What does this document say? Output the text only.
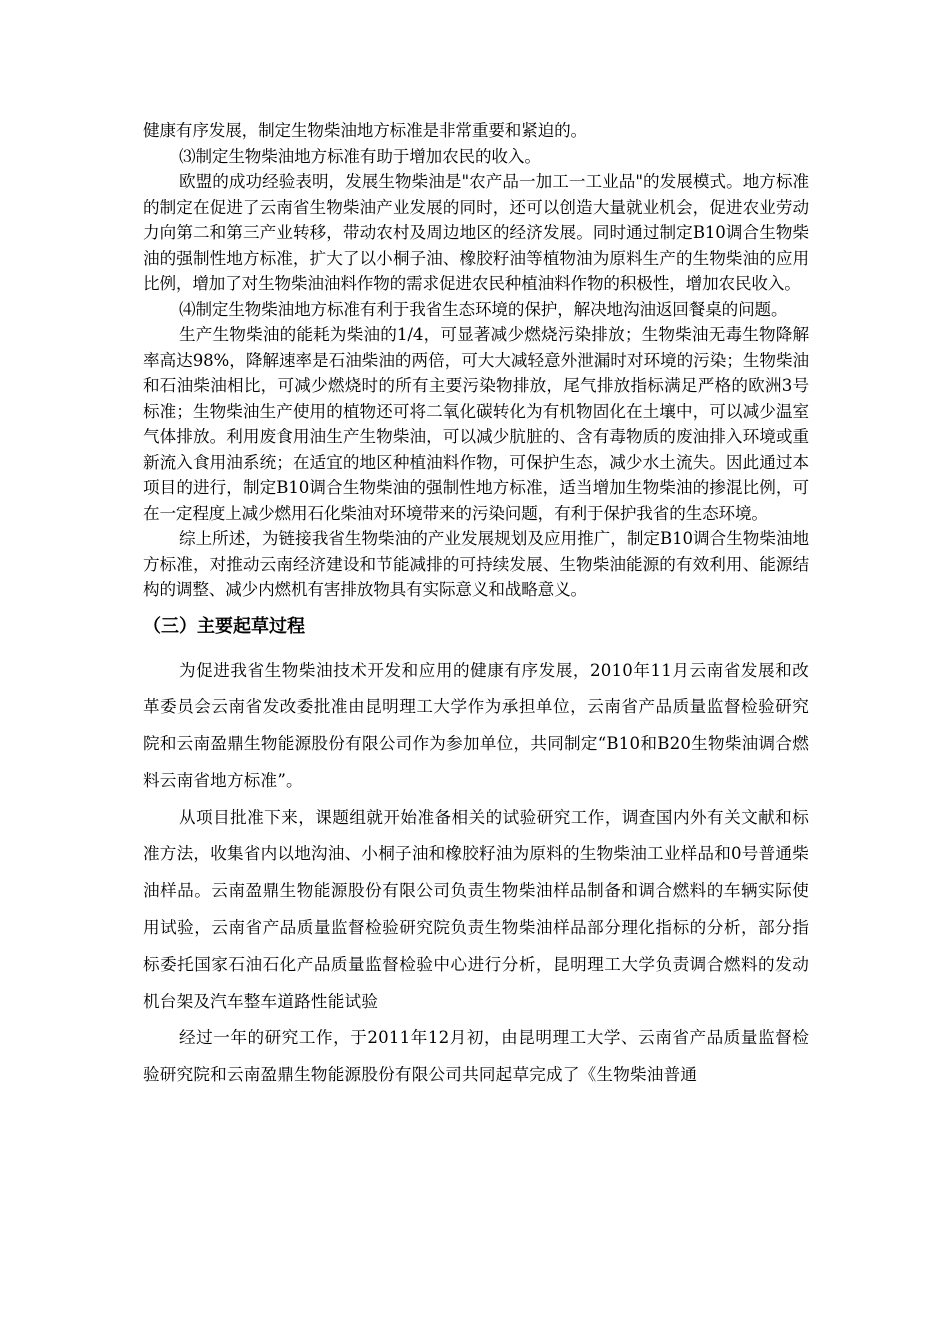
健康有序发展，制定生物柴油地方标准是非常重要和紧迫的。

⑶制定生物柴油地方标准有助于增加农民的收入。

欧盟的成功经验表明，发展生物柴油是"农产品一加工一工业品"的发展模式。地方标准的制定在促进了云南省生物柴油产业发展的同时，还可以创造大量就业机会，促进农业劳动力向第二和第三产业转移，带动农村及周边地区的经济发展。同时通过制定B10调合生物柴油的强制性地方标准，扩大了以小桐子油、橡胶籽油等植物油为原料生产的生物柴油的应用比例，增加了对生物柴油油料作物的需求促进农民种植油料作物的积极性，增加农民收入。

⑷制定生物柴油地方标准有利于我省生态环境的保护，解决地沟油返回餐桌的问题。

生产生物柴油的能耗为柴油的1/4，可显著减少燃烧污染排放；生物柴油无毒生物降解率高达98%，降解速率是石油柴油的两倍，可大大减轻意外泄漏时对环境的污染；生物柴油和石油柴油相比，可减少燃烧时的所有主要污染物排放，尾气排放指标满足严格的欧洲3号标准；生物柴油生产使用的植物还可将二氧化碳转化为有机物固化在土壤中，可以减少温室气体排放。利用废食用油生产生物柴油，可以减少肮脏的、含有毒物质的废油排入环境或重新流入食用油系统；在适宜的地区种植油料作物，可保护生态，减少水土流失。因此通过本项目的进行，制定B10调合生物柴油的强制性地方标准，适当增加生物柴油的掺混比例，可在一定程度上减少燃用石化柴油对环境带来的污染问题，有利于保护我省的生态环境。

综上所述，为链接我省生物柴油的产业发展规划及应用推广，制定B10调合生物柴油地方标准，对推动云南经济建设和节能减排的可持续发展、生物柴油能源的有效利用、能源结构的调整、减少内燃机有害排放物具有实际意义和战略意义。

（三）主要起草过程

为促进我省生物柴油技术开发和应用的健康有序发展，2010年11月云南省发展和改革委员会云南省发改委批准由昆明理工大学作为承担单位，云南省产品质量监督检验研究院和云南盈鼎生物能源股份有限公司作为参加单位，共同制定“B10和B20生物柴油调合燃料云南省地方标准”。

从项目批准下来，课题组就开始准备相关的试验研究工作，调查国内外有关文献和标准方法，收集省内以地沟油、小桐子油和橡胶籽油为原料的生物柴油工业样品和0号普通柴油样品。云南盈鼎生物能源股份有限公司负责生物柴油样品制备和调合燃料的车辆实际使用试验，云南省产品质量监督检验研究院负责生物柴油样品部分理化指标的分析，部分指标委托国家石油石化产品质量监督检验中心进行分析，昆明理工大学负责调合燃料的发动机台架及汽车整车道路性能试验

经过一年的研究工作，于2011年12月初，由昆明理工大学、云南省产品质量监督检验研究院和云南盈鼎生物能源股份有限公司共同起草完成了《生物柴油普通
